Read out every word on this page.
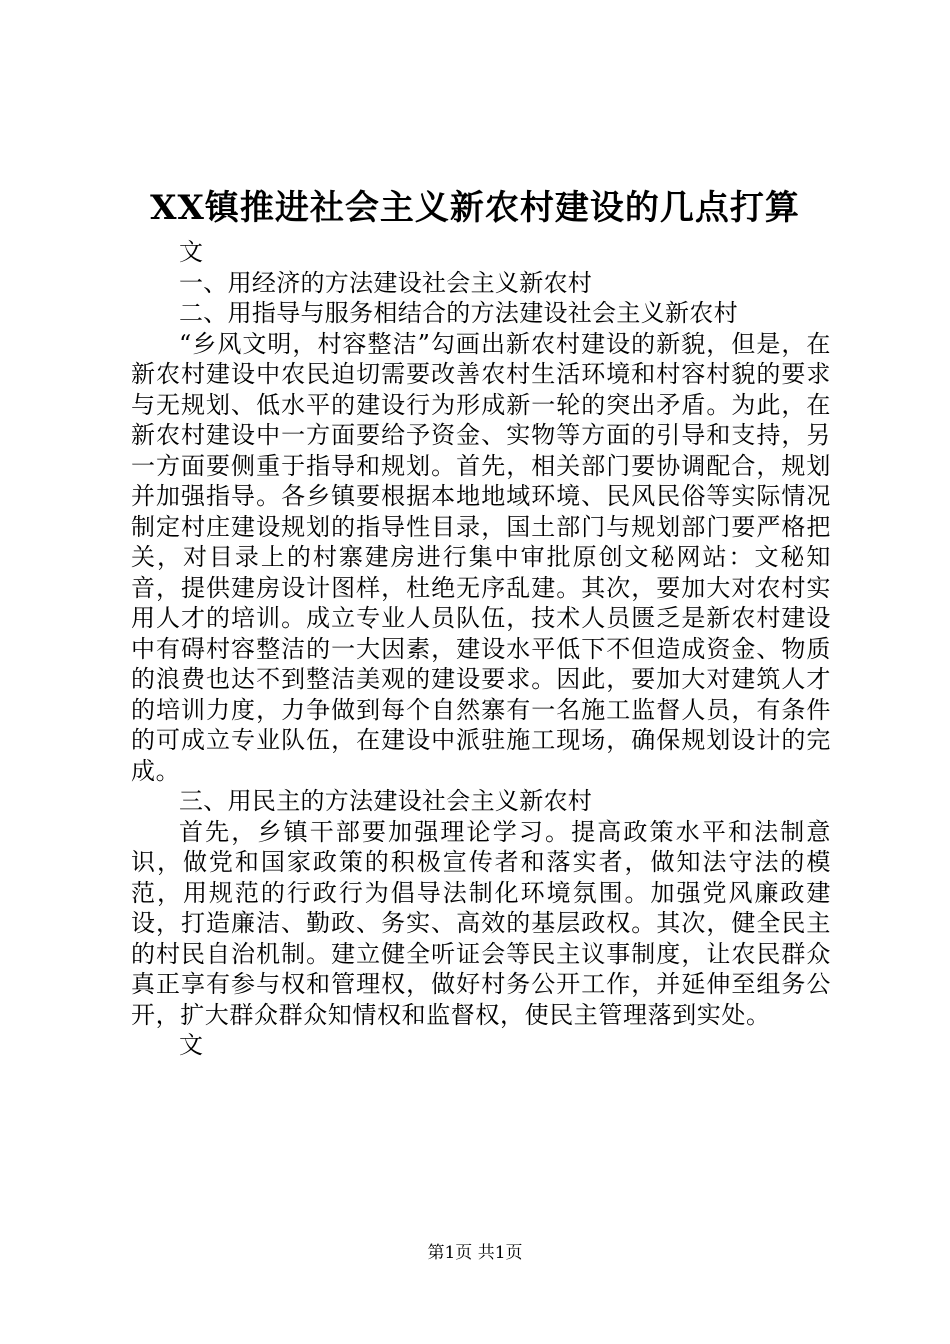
XX镇推进社会主义新农村建设的几点打算

文

一、用经济的方法建设社会主义新农村

二、用指导与服务相结合的方法建设社会主义新农村

“乡风文明，村容整洁”勾画出新农村建设的新貌，但是，在新农村建设中农民迫切需要改善农村生活环境和村容村貌的要求与无规划、低水平的建设行为形成新一轮的突出矛盾。为此，在新农村建设中一方面要给予资金、实物等方面的引导和支持，另一方面要侧重于指导和规划。首先，相关部门要协调配合，规划并加强指导。各乡镇要根据本地地域环境、民风民俗等实际情况制定村庄建设规划的指导性目录，国土部门与规划部门要严格把关，对目录上的村寨建房进行集中审批原创文秘网站：文秘知音，提供建房设计图样，杜绝无序乱建。其次，要加大对农村实用人才的培训。成立专业人员队伍，技术人员匮乏是新农村建设中有碍村容整洁的一大因素，建设水平低下不但造成资金、物质的浪费也达不到整洁美观的建设要求。因此，要加大对建筑人才的培训力度，力争做到每个自然寨有一名施工监督人员，有条件的可成立专业队伍，在建设中派驻施工现场，确保规划设计的完成。

三、用民主的方法建设社会主义新农村

首先，乡镇干部要加强理论学习。提高政策水平和法制意识，做党和国家政策的积极宣传者和落实者，做知法守法的模范，用规范的行政行为倡导法制化环境氛围。加强党风廉政建设，打造廉洁、勤政、务实、高效的基层政权。其次，健全民主的村民自治机制。建立健全听证会等民主议事制度，让农民群众真正享有参与权和管理权，做好村务公开工作，并延伸至组务公开，扩大群众群众知情权和监督权，使民主管理落到实处。

文

第1页 共1页
